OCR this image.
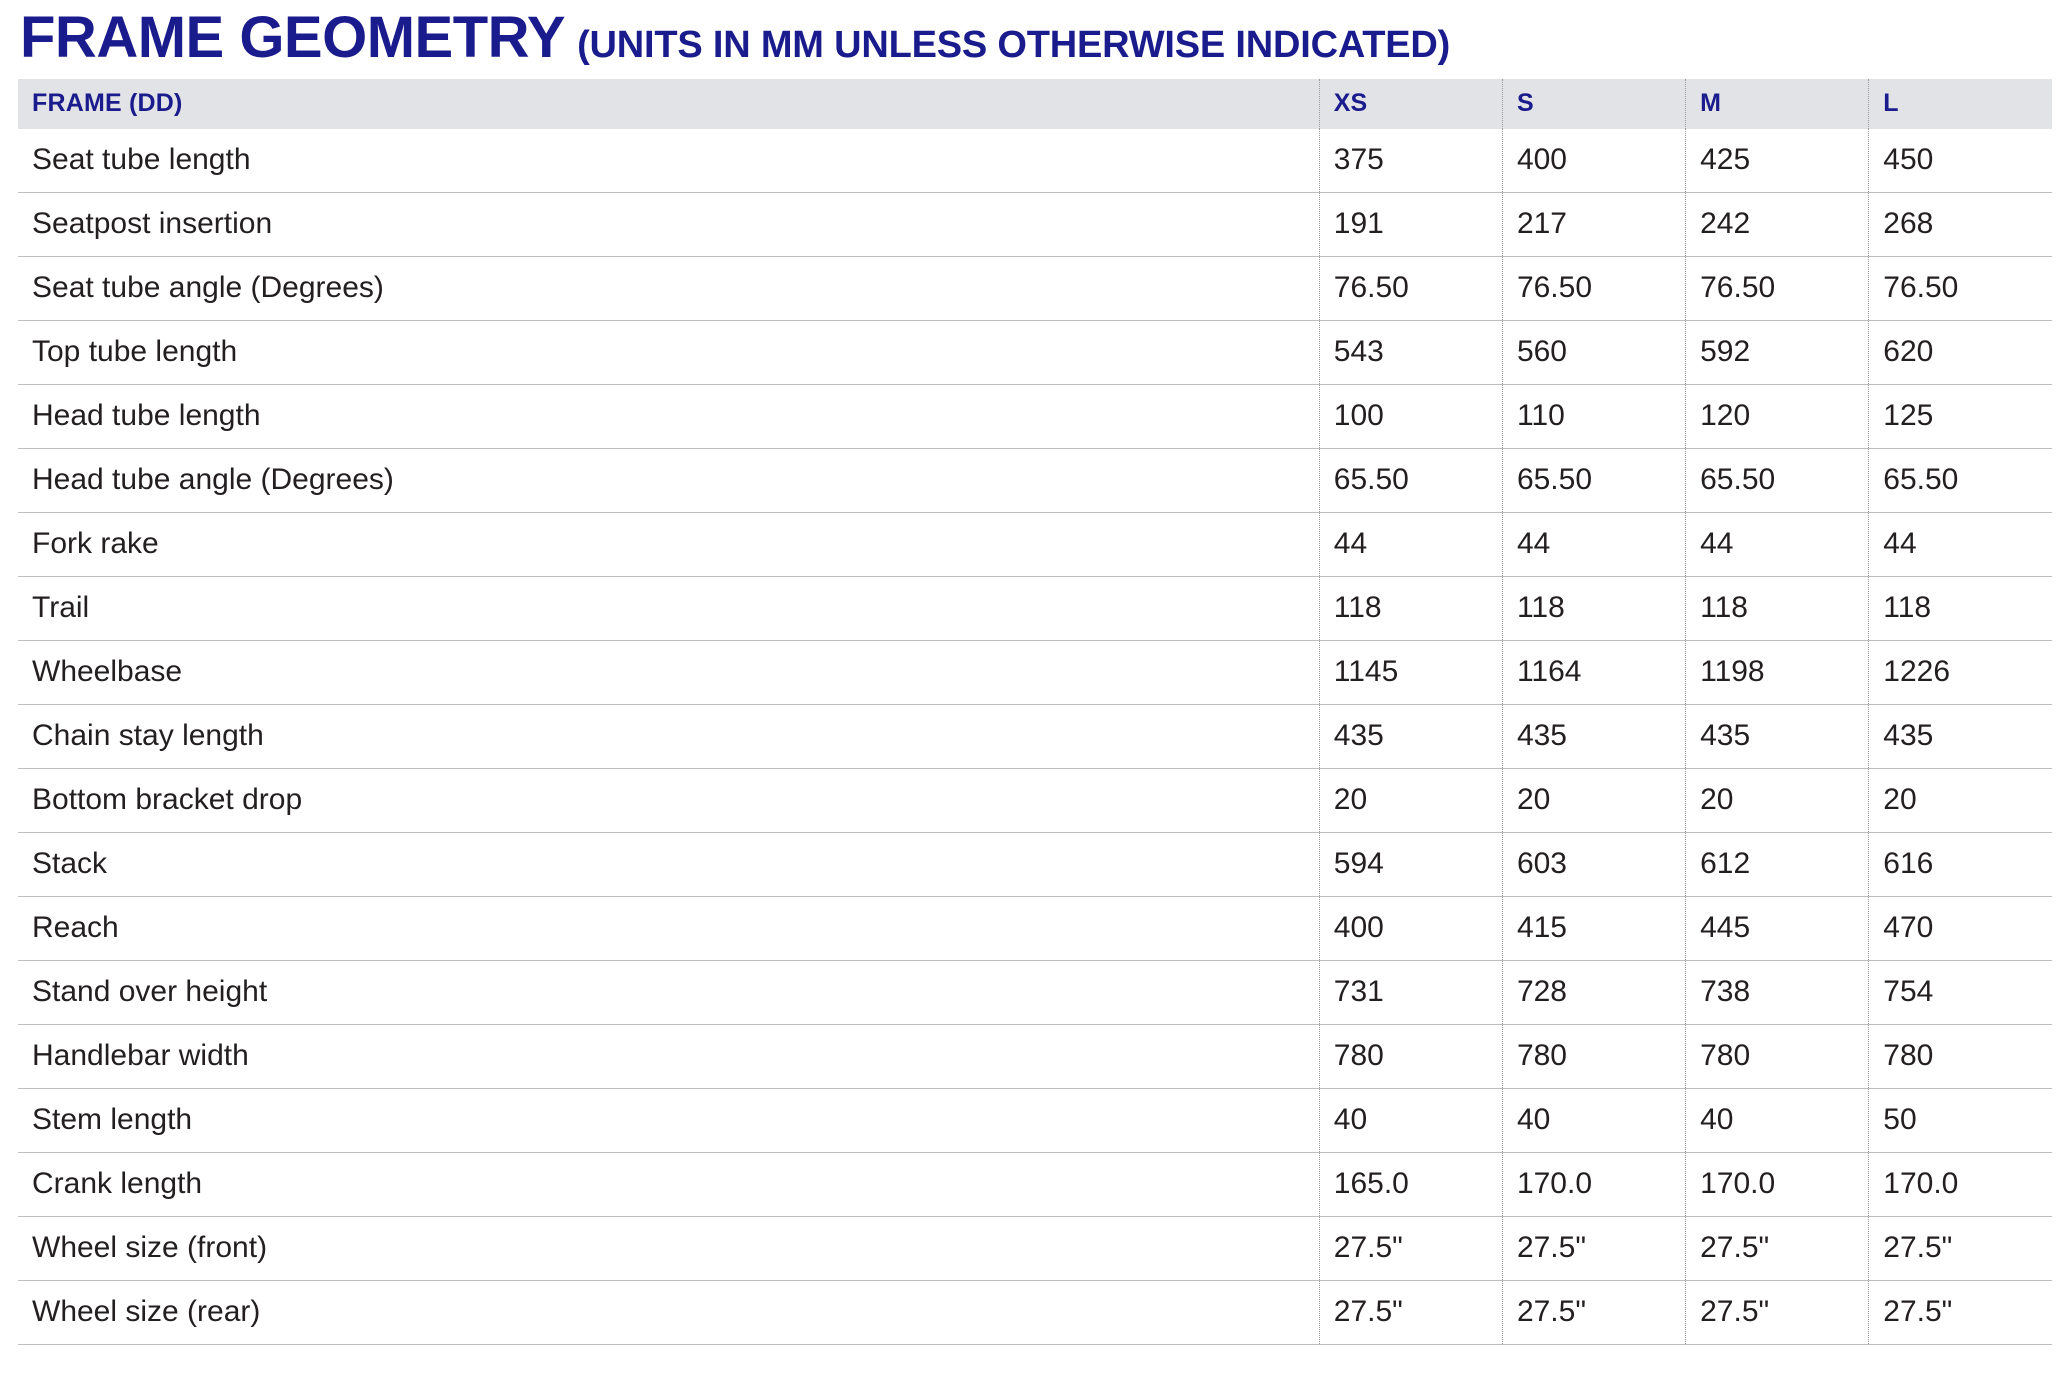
FRAME GEOMETRY (UNITS IN MM UNLESS OTHERWISE INDICATED)
FRAME (DD)	XS	S	M	L
Seat tube length	375	400	425	450
Seatpost insertion	191	217	242	268
Seat tube angle (Degrees)	76.50	76.50	76.50	76.50
Top tube length	543	560	592	620
Head tube length	100	110	120	125
Head tube angle (Degrees)	65.50	65.50	65.50	65.50
Fork rake	44	44	44	44
Trail	118	118	118	118
Wheelbase	1145	1164	1198	1226
Chain stay length	435	435	435	435
Bottom bracket drop	20	20	20	20
Stack	594	603	612	616
Reach	400	415	445	470
Stand over height	731	728	738	754
Handlebar width	780	780	780	780
Stem length	40	40	40	50
Crank length	165.0	170.0	170.0	170.0
Wheel size (front)	27.5"	27.5"	27.5"	27.5"
Wheel size (rear)	27.5"	27.5"	27.5"	27.5"
